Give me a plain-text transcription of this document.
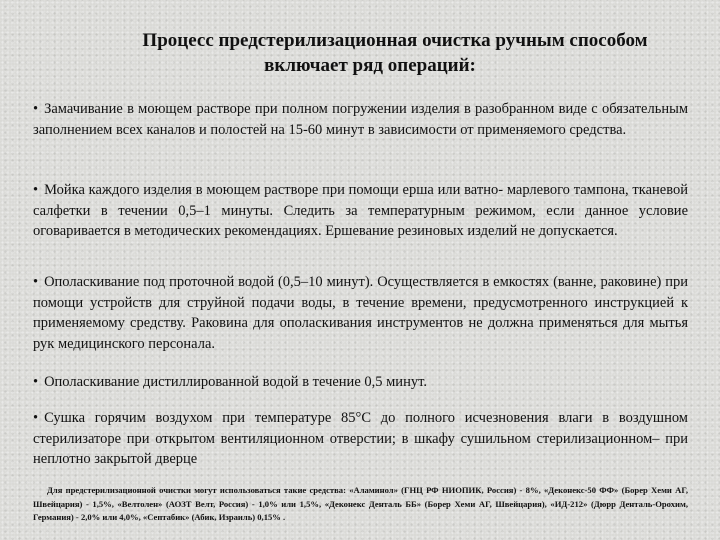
Процесс предстерилизационная очистка ручным способом
включает ряд операций:

• Замачивание в моющем растворе при полном погружении изделия в разобранном виде с обязательным заполнением всех каналов и полостей на 15-60 минут в зависимости от применяемого средства.

• Мойка каждого изделия в моющем растворе при помощи ерша или ватно- марлевого тампона, тканевой салфетки в течении 0,5–1 минуты. Следить за температурным режимом, если данное условие оговаривается в методических рекомендациях. Ершевание резиновых изделий не допускается.

• Ополаскивание под проточной водой (0,5–10 минут). Осуществляется в емкостях (ванне, раковине) при помощи устройств для струйной подачи воды, в течение времени, предусмотренного инструкцией к применяемому средству. Раковина для ополаскивания инструментов не должна применяться для мытья рук медицинского персонала.

• Ополаскивание дистиллированной водой в течение 0,5 минут.

• Сушка горячим воздухом при температуре 85°С до полного исчезновения влаги в воздушном стерилизаторе при открытом вентиляционном отверстии; в шкафу сушильном стерилизационном– при неплотно закрытой дверце

Для предстерилизационной очистки могут использоваться такие средства: «Аламинол» (ГНЦ РФ НИОПИК, Россия) - 8%, «Деконекс-50 ФФ» (Борер Хеми АГ, Швейцария) - 1,5%, «Велтолен» (АОЗТ Велт, Россия) - 1,0% или 1,5%, «Деконекс Денталь ББ» (Борер Хеми АГ, Швейцария), «ИД-212» (Дюрр Денталь-Орохим, Германия) - 2,0% или 4,0%, «Септабик» (Абик, Израиль) 0,15% .
